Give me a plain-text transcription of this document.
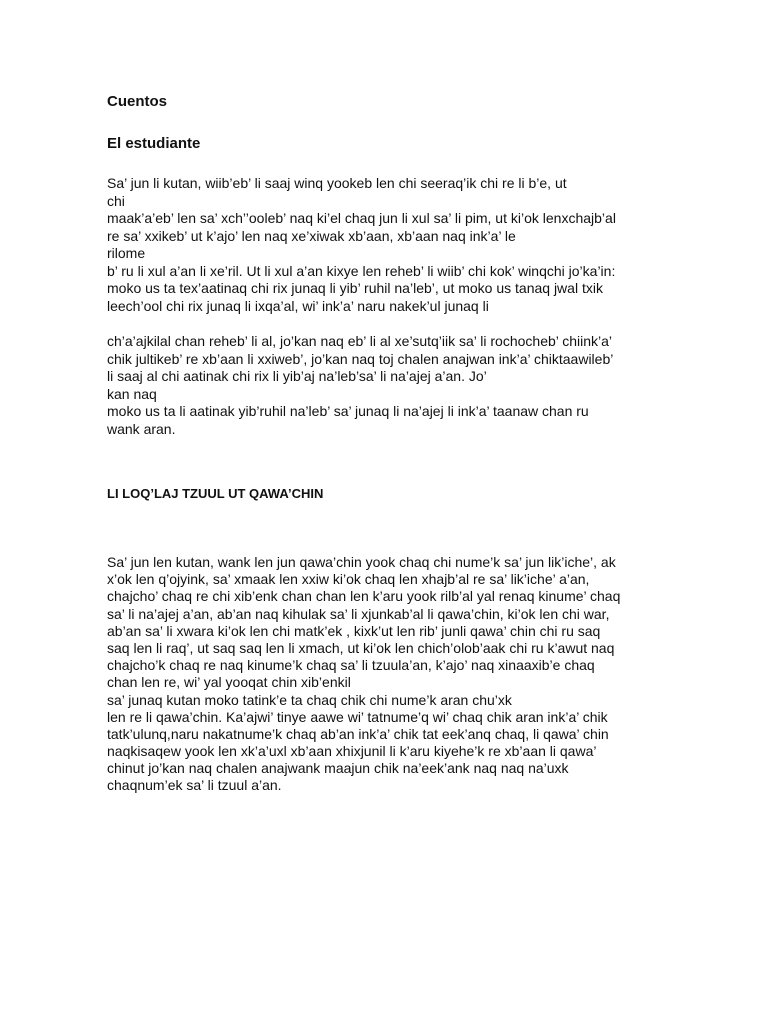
Cuentos
El estudiante
Sa’ jun li kutan, wiib’eb’ li saaj winq yookeb len chi seeraq’ik chi re li b’e, ut
chi
maak’a’eb’ len sa’ xch’’ooleb’ naq ki’el chaq jun li xul sa’ li pim, ut ki’ok lenxchajb’al
re sa’ xxikeb’ ut k’ajo’ len naq xe’xiwak xb’aan, xb’aan naq ink’a’ le
rilome
b’ ru li xul a’an li xe’ril. Ut li xul a’an kixye len reheb’ li wiib’ chi kok’ winqchi jo’ka’in:
moko us ta tex’aatinaq chi rix junaq li yib’ ruhil na’leb’, ut moko us tanaq jwal txik
leech’ool chi rix junaq li ixqa’al, wi’ ink’a’ naru nakek’ul junaq li
ch’a’ajkilal chan reheb’ li al, jo’kan naq eb’ li al xe’sutq’iik sa’ li rochocheb’ chiink’a’
chik jultikeb’ re xb’aan li xxiweb’, jo’kan naq toj chalen anajwan ink’a’ chiktaawileb’
li saaj al chi aatinak chi rix li yib’aj na’leb’sa’ li na’ajej a’an. Jo’
kan naq
moko us ta li aatinak yib’ruhil na’leb’ sa’ junaq li na’ajej li ink’a’ taanaw chan ru
wank aran.
LI LOQ’LAJ TZUUL UT QAWA’CHIN
Sa’ jun len kutan, wank len jun qawa’chin yook chaq chi nume’k sa’ jun lik’iche’, ak
x’ok len q’ojyink, sa’ xmaak len xxiw ki’ok chaq len xhajb’al re sa’ lik’iche’ a’an,
chajcho’ chaq re chi xib’enk chan chan len k’aru yook rilb’al yal renaq kinume’ chaq
sa’ li na’ajej a’an, ab’an naq kihulak sa’ li xjunkab’al li qawa’chin, ki’ok len chi war,
ab’an sa’ li xwara ki’ok len chi matk’ek , kixk’ut len rib’ junli qawa’ chin chi ru saq
saq len li raq’, ut saq saq len li xmach, ut ki’ok len chich’olob’aak chi ru k’awut naq
chajcho’k chaq re naq kinume’k chaq sa’ li tzuula’an, k’ajo’ naq xinaaxib’e chaq
chan len re, wi’ yal yooqat chin xib’enkil
sa’ junaq kutan moko tatink’e ta chaq chik chi nume’k aran chu’xk
len re li qawa’chin. Ka’ajwi’ tinye aawe wi’ tatnume’q wi’ chaq chik aran ink’a’ chik
tatk’ulunq,naru nakatnume’k chaq ab’an ink’a’ chik tat eek’anq chaq, li qawa’ chin
naqkisaqew yook len xk’a’uxl xb’aan xhixjunil li k’aru kiyehe’k re xb’aan li qawa’
chinut jo’kan naq chalen anajwank maajun chik na’eek’ank naq naq na’uxk
chaqnum’ek sa’ li tzuul a’an.
